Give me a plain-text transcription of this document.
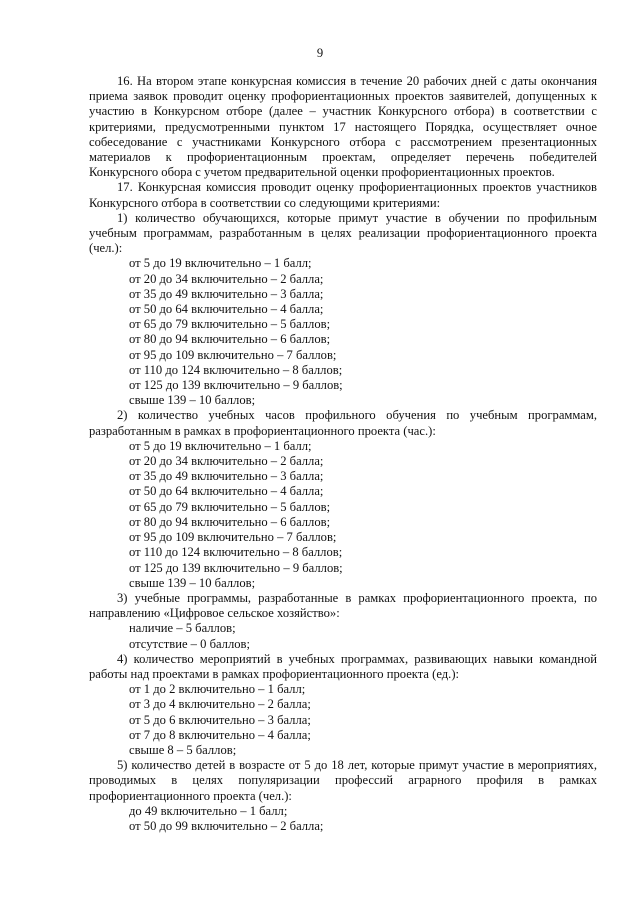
9

16. На втором этапе конкурсная комиссия в течение 20 рабочих дней с даты окончания приема заявок проводит оценку профориентационных проектов заявителей, допущенных к участию в Конкурсном отборе (далее – участник Конкурсного отбора) в соответствии с критериями, предусмотренными пунктом 17 настоящего Порядка, осуществляет очное собеседование с участниками Конкурсного отбора с рассмотрением презентационных материалов к профориентационным проектам, определяет перечень победителей Конкурсного обора с учетом предварительной оценки профориентационных проектов.

17. Конкурсная комиссия проводит оценку профориентационных проектов участников Конкурсного отбора в соответствии со следующими критериями:

1) количество обучающихся, которые примут участие в обучении по профильным учебным программам, разработанным в целях реализации профориентационного проекта (чел.):

от 5 до 19 включительно – 1 балл;

от 20 до 34 включительно – 2 балла;

от 35 до 49 включительно – 3 балла;

от 50 до 64 включительно – 4 балла;

от 65 до 79 включительно – 5 баллов;

от 80 до 94 включительно – 6 баллов;

от 95 до 109 включительно – 7 баллов;

от 110 до 124 включительно – 8 баллов;

от 125 до 139 включительно – 9 баллов;

свыше 139 – 10 баллов;

2) количество учебных часов профильного обучения по учебным программам, разработанным в рамках в профориентационного проекта (час.):

от 5 до 19 включительно – 1 балл;

от 20 до 34 включительно – 2 балла;

от 35 до 49 включительно – 3 балла;

от 50 до 64 включительно – 4 балла;

от 65 до 79 включительно – 5 баллов;

от 80 до 94 включительно – 6 баллов;

от 95 до 109 включительно – 7 баллов;

от 110 до 124 включительно – 8 баллов;

от 125 до 139 включительно – 9 баллов;

свыше 139 – 10 баллов;

3) учебные программы, разработанные в рамках профориентационного проекта, по направлению «Цифровое сельское хозяйство»:

наличие – 5 баллов;

отсутствие – 0 баллов;

4) количество мероприятий в учебных программах, развивающих навыки командной работы над проектами в рамках профориентационного проекта (ед.):

от 1 до 2 включительно – 1 балл;

от 3 до 4 включительно – 2 балла;

от 5 до 6 включительно – 3 балла;

от 7 до 8 включительно – 4 балла;

свыше 8 – 5 баллов;

5) количество детей в возрасте от 5 до 18 лет, которые примут участие в мероприятиях, проводимых в целях популяризации профессий аграрного профиля в рамках профориентационного проекта (чел.):

до 49 включительно – 1 балл;

от 50 до 99 включительно – 2 балла;
